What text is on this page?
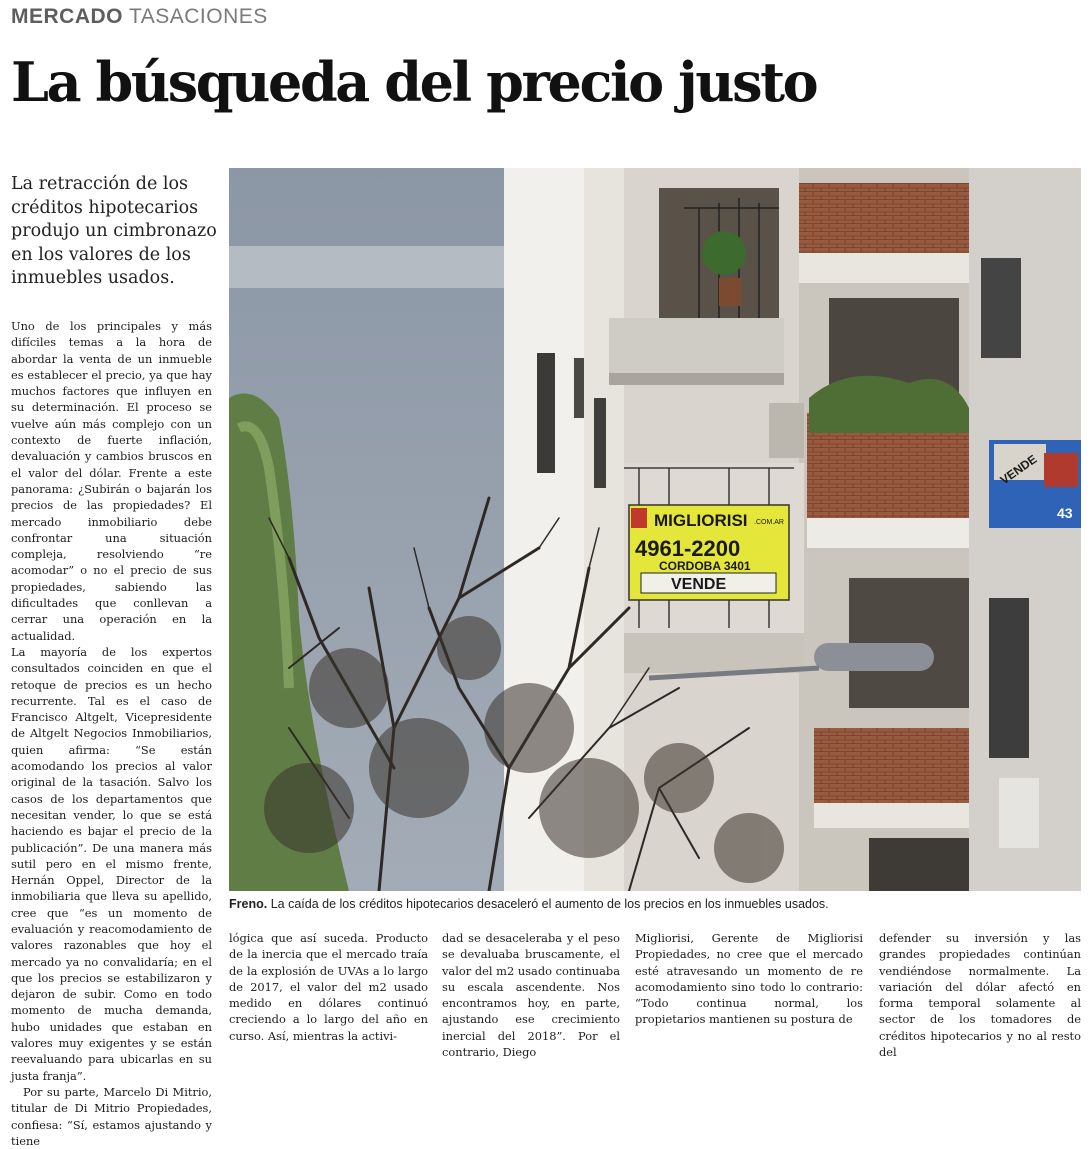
MERCADO TASACIONES
La búsqueda del precio justo

La retracción de los créditos hipotecarios produjo un cimbronazo en los valores de los inmuebles usados.

Uno de los principales y más difíciles temas a la hora de abordar la venta de un inmueble es establecer el precio, ya que hay muchos factores que influyen en su determinación. El proceso se vuelve aún más complejo con un contexto de fuerte inflación, devaluación y cambios bruscos en el valor del dólar. Frente a este panorama: ¿Subirán o bajarán los precios de las propiedades? El mercado inmobiliario debe confrontar una situación compleja, resolviendo “re acomodar” o no el precio de sus propiedades, sabiendo las dificultades que conllevan a cerrar una operación en la actualidad.

La mayoría de los expertos consultados coinciden en que el retoque de precios es un hecho recurrente. Tal es el caso de Francisco Altgelt, Vicepresidente de Altgelt Negocios Inmobiliarios, quien afirma: “Se están acomodando los precios al valor original de la tasación. Salvo los casos de los departamentos que necesitan vender, lo que se está haciendo es bajar el precio de la publicación”. De una manera más sutil pero en el mismo frente, Hernán Oppel, Director de la inmobiliaria que lleva su apellido, cree que “es un momento de evaluación y reacomodamiento de valores razonables que hoy el mercado ya no convalidaría; en el que los precios se estabilizaron y dejaron de subir. Como en todo momento de mucha demanda, hubo unidades que estaban en valores muy exigentes y se están reevaluando para ubicarlas en su justa franja”.

Por su parte, Marcelo Di Mitrio, titular de Di Mitrio Propiedades, confiesa: “Sí, estamos ajustando y tiene

MIGLIORISI .COM.AR
4961-2200
CORDOBA 3401
VENDE
VENDE
43
Freno. La caída de los créditos hipotecarios desaceleró el aumento de los precios en los inmuebles usados.
lógica que así suceda. Producto de la inercia que el mercado traía de la explosión de UVAs a lo largo de 2017, el valor del m2 usado medido en dólares continuó creciendo a lo largo del año en curso. Así, mientras la activi-
dad se desaceleraba y el peso se devaluaba bruscamente, el valor del m2 usado continuaba su escala ascendente. Nos encontramos hoy, en parte, ajustando ese crecimiento inercial del 2018”. Por el contrario, Diego
Migliorisi, Gerente de Migliorisi Propiedades, no cree que el mercado esté atravesando un momento de re acomodamiento sino todo lo contrario: “Todo continua normal, los propietarios mantienen su postura de
defender su inversión y las grandes propiedades continúan vendiéndose normalmente. La variación del dólar afectó en forma temporal solamente al sector de los tomadores de créditos hipotecarios y no al resto del
